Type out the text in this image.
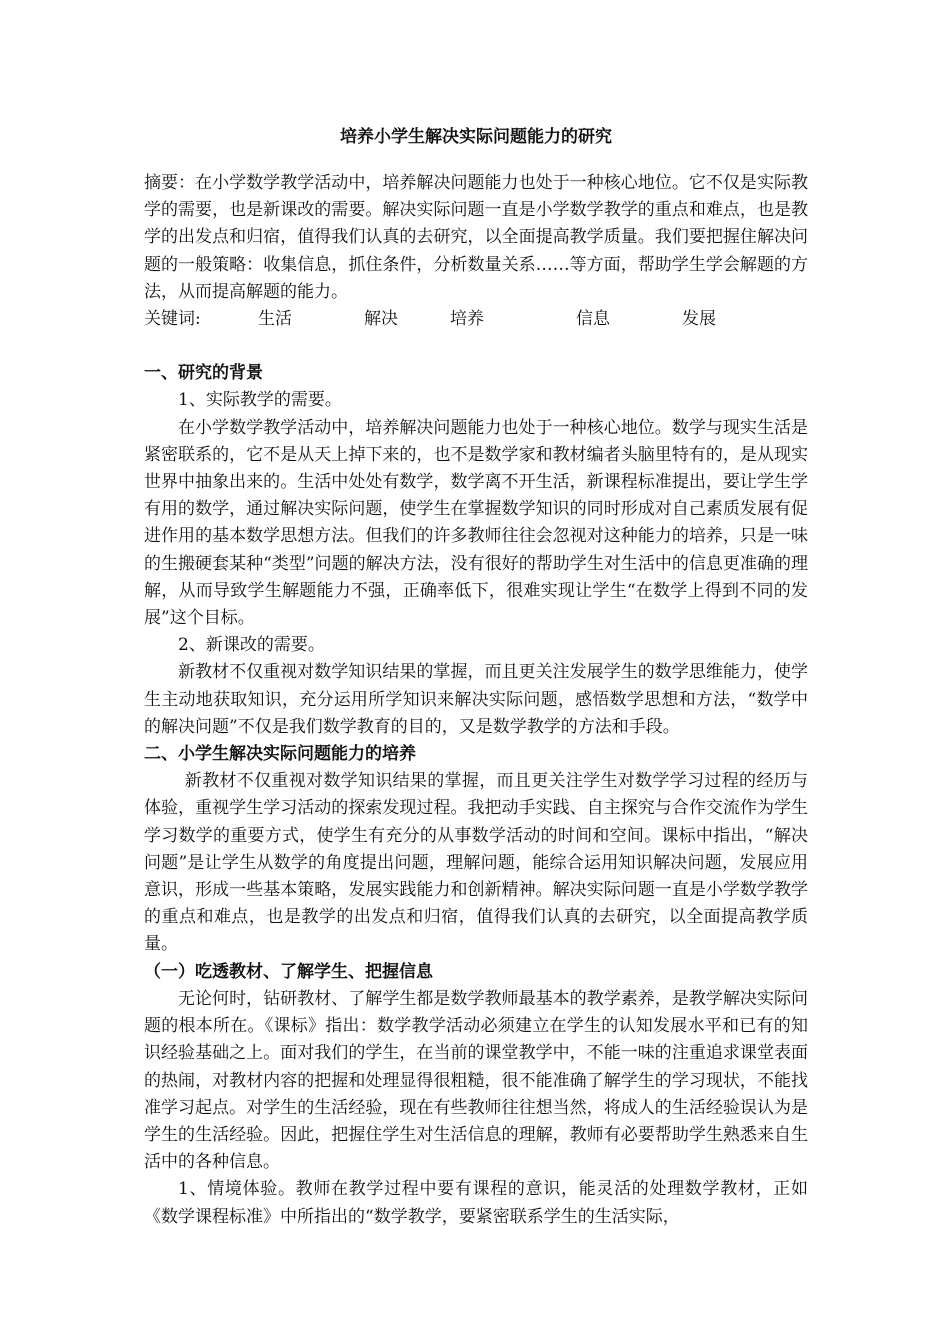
培养小学生解决实际问题能力的研究

摘要：在小学数学教学活动中，培养解决问题能力也处于一种核心地位。它不仅是实际教学的需要，也是新课改的需要。解决实际问题一直是小学数学教学的重点和难点，也是教学的出发点和归宿，值得我们认真的去研究，以全面提高教学质量。我们要把握住解决问题的一般策略：收集信息，抓住条件，分析数量关系……等方面，帮助学生学会解题的方法，从而提高解题的能力。

关键词:	生活	解决	培养	信息	发展
一、研究的背景

1、实际教学的需要。

在小学数学教学活动中，培养解决问题能力也处于一种核心地位。数学与现实生活是紧密联系的，它不是从天上掉下来的，也不是数学家和教材编者头脑里特有的，是从现实世界中抽象出来的。生活中处处有数学，数学离不开生活，新课程标准提出，要让学生学有用的数学，通过解决实际问题，使学生在掌握数学知识的同时形成对自己素质发展有促进作用的基本数学思想方法。但我们的许多教师往往会忽视对这种能力的培养，只是一味的生搬硬套某种“类型”问题的解决方法，没有很好的帮助学生对生活中的信息更准确的理解，从而导致学生解题能力不强，正确率低下，很难实现让学生“在数学上得到不同的发展”这个目标。

2、新课改的需要。

新教材不仅重视对数学知识结果的掌握，而且更关注发展学生的数学思维能力，使学生主动地获取知识，充分运用所学知识来解决实际问题，感悟数学思想和方法，“数学中的解决问题”不仅是我们数学教育的目的，又是数学教学的方法和手段。

二、小学生解决实际问题能力的培养

新教材不仅重视对数学知识结果的掌握，而且更关注学生对数学学习过程的经历与体验，重视学生学习活动的探索发现过程。我把动手实践、自主探究与合作交流作为学生学习数学的重要方式，使学生有充分的从事数学活动的时间和空间。课标中指出，“解决问题”是让学生从数学的角度提出问题，理解问题，能综合运用知识解决问题，发展应用意识，形成一些基本策略，发展实践能力和创新精神。解决实际问题一直是小学数学教学的重点和难点，也是教学的出发点和归宿，值得我们认真的去研究，以全面提高教学质量。

（一）吃透教材、了解学生、把握信息

无论何时，钻研教材、了解学生都是数学教师最基本的教学素养，是教学解决实际问题的根本所在。《课标》指出：数学教学活动必须建立在学生的认知发展水平和已有的知识经验基础之上。面对我们的学生，在当前的课堂教学中，不能一味的注重追求课堂表面的热闹，对教材内容的把握和处理显得很粗糙，很不能准确了解学生的学习现状，不能找准学习起点。对学生的生活经验，现在有些教师往往想当然，将成人的生活经验误认为是学生的生活经验。因此，把握住学生对生活信息的理解，教师有必要帮助学生熟悉来自生活中的各种信息。

1、情境体验。教师在教学过程中要有课程的意识，能灵活的处理数学教材，正如《数学课程标准》中所指出的“数学教学，要紧密联系学生的生活实际，
